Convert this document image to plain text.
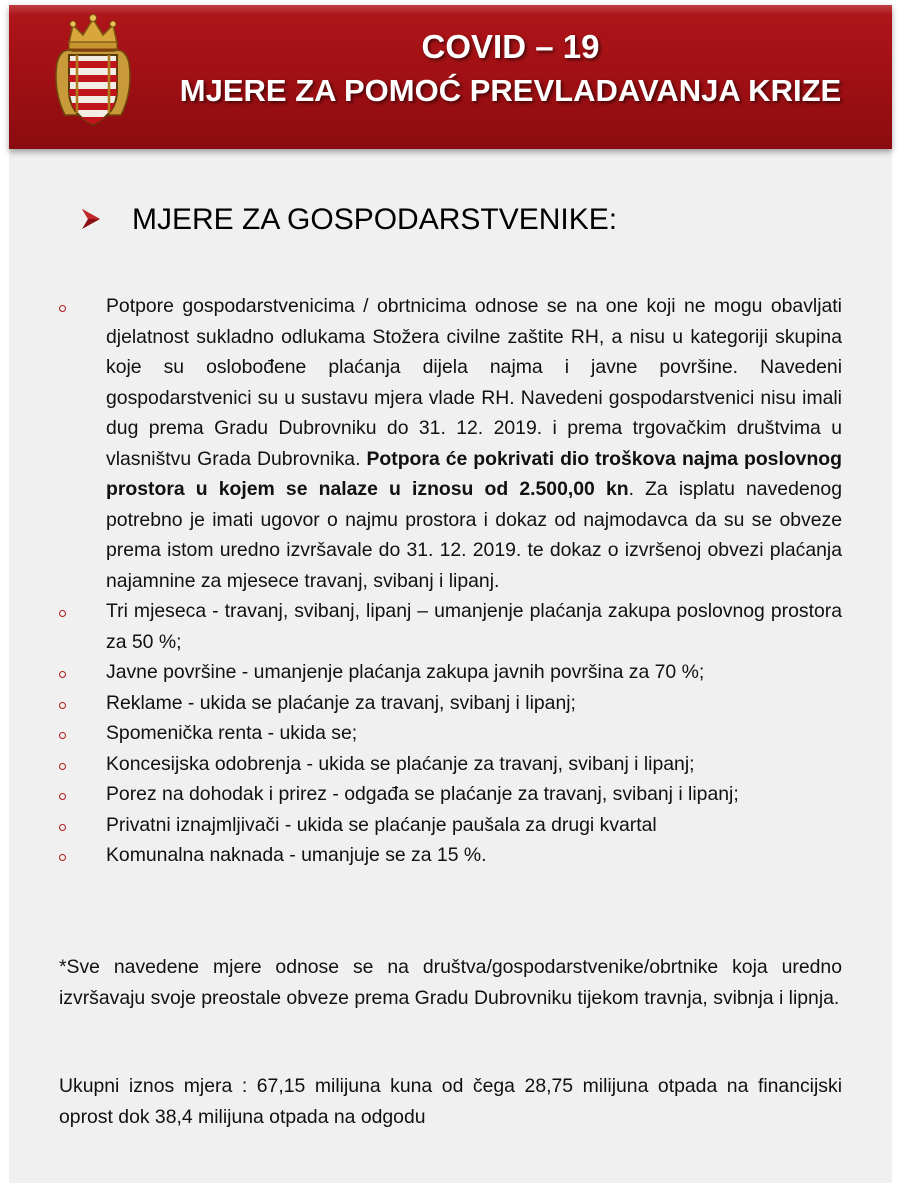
COVID – 19
MJERE ZA POMOĆ PREVLADAVANJA KRIZE
MJERE ZA GOSPODARSTVENIKE:

Potpore gospodarstvenicima / obrtnicima odnose se na one koji ne mogu obavljati djelatnost sukladno odlukama Stožera civilne zaštite RH, a nisu u kategoriji skupina koje su oslobođene plaćanja dijela najma i javne površine. Navedeni gospodarstvenici su u sustavu mjera vlade RH. Navedeni gospodarstvenici nisu imali dug prema Gradu Dubrovniku do 31. 12. 2019. i prema trgovačkim društvima u vlasništvu Grada Dubrovnika. Potpora će pokrivati dio troškova najma poslovnog prostora u kojem se nalaze u iznosu od 2.500,00 kn. Za isplatu navedenog potrebno je imati ugovor o najmu prostora i dokaz od najmodavca da su se obveze prema istom uredno izvršavale do 31. 12. 2019. te dokaz o izvršenoj obvezi plaćanja najamnine za mjesece travanj, svibanj i lipanj.

Tri mjeseca - travanj, svibanj, lipanj – umanjenje plaćanja zakupa poslovnog prostora za 50 %;

Javne površine - umanjenje plaćanja zakupa javnih površina za 70 %;

Reklame - ukida se plaćanje za travanj, svibanj i lipanj;

Spomenička renta - ukida se;

Koncesijska odobrenja - ukida se plaćanje za travanj, svibanj i lipanj;

Porez na dohodak i prirez - odgađa se plaćanje za travanj, svibanj i lipanj;

Privatni iznajmljivači - ukida se plaćanje paušala za drugi kvartal

Komunalna naknada - umanjuje se za 15 %.

*Sve navedene mjere odnose se na društva/gospodarstvenike/obrtnike koja uredno izvršavaju svoje preostale obveze prema Gradu Dubrovniku tijekom travnja, svibnja i lipnja.

Ukupni iznos mjera : 67,15 milijuna kuna od čega 28,75 milijuna otpada na financijski oprost dok 38,4 milijuna otpada na odgodu
